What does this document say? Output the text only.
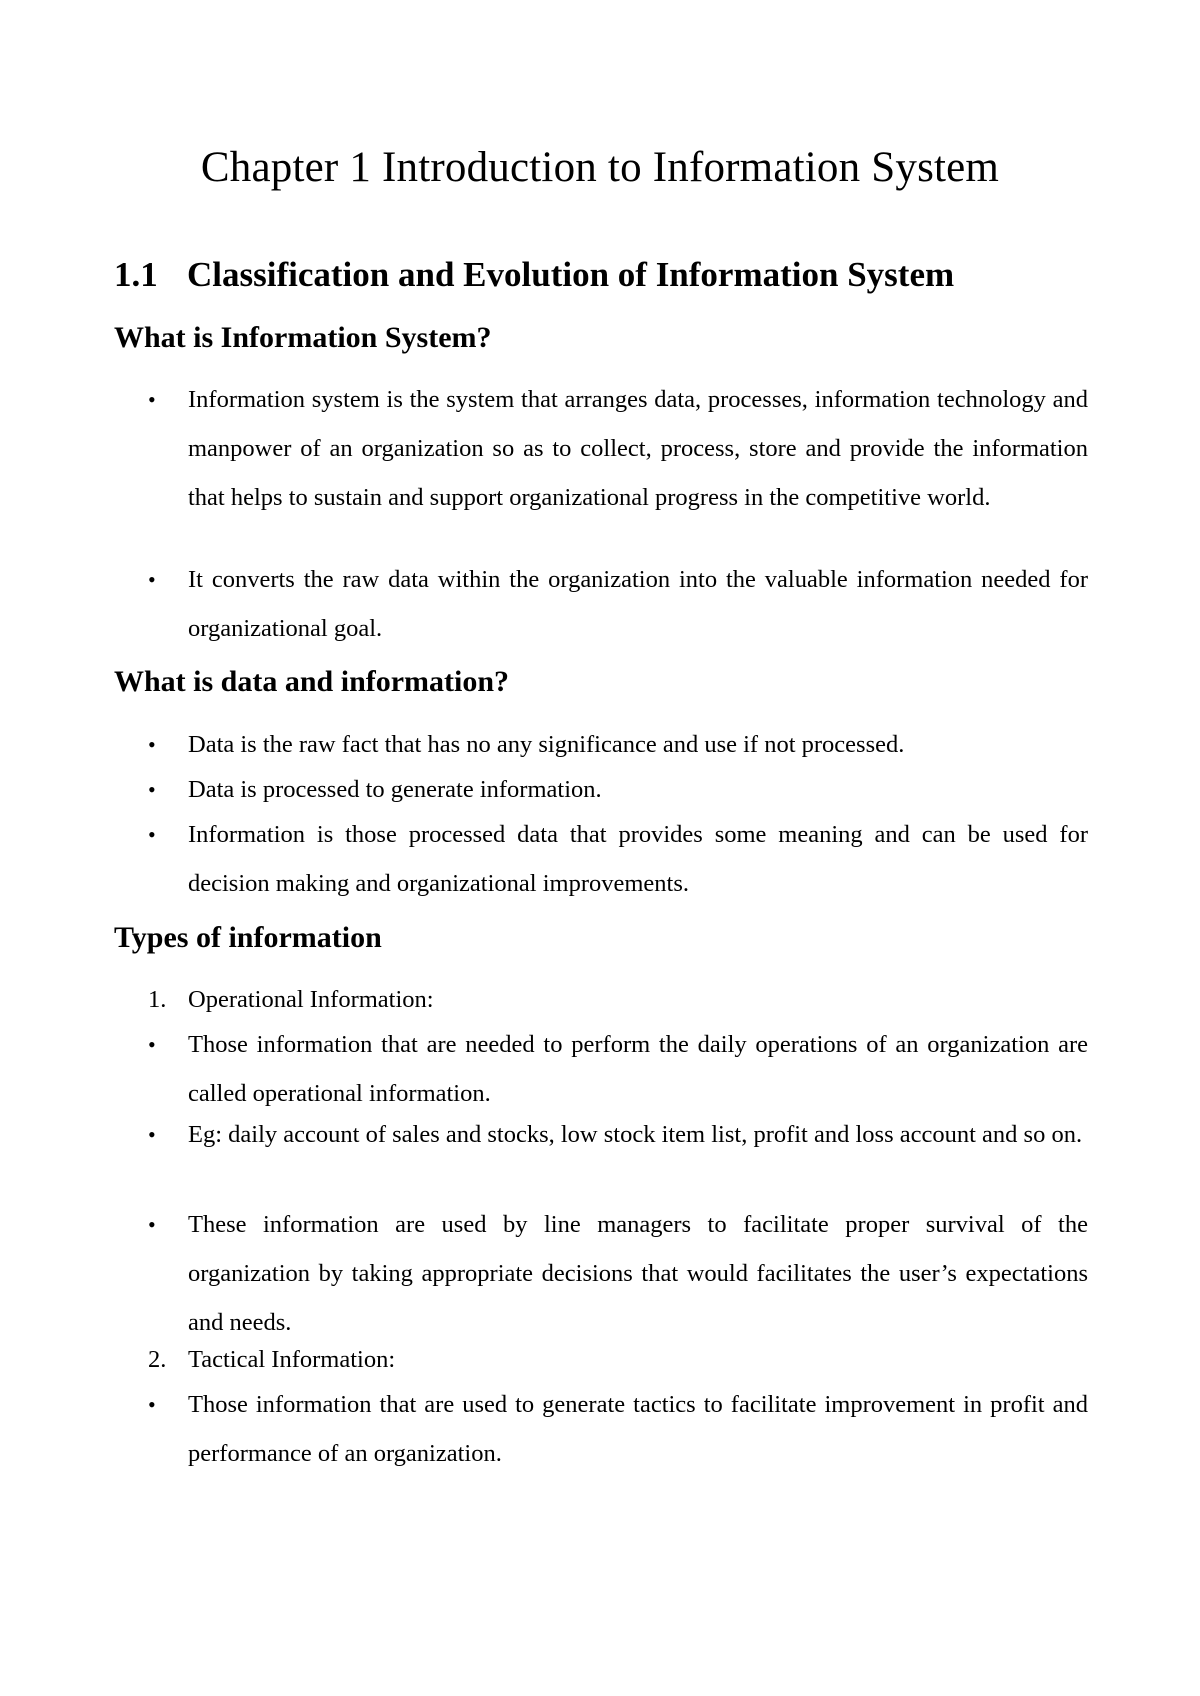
Chapter 1 Introduction to Information System
1.1 Classification and Evolution of Information System
What is Information System?
•	Information system is the system that arranges data, processes, information technology and manpower of an organization so as to collect, process, store and provide the information that helps to sustain and support organizational progress in the competitive world.

•	It converts the raw data within the organization into the valuable information needed for organizational goal.

What is data and information?
•	Data is the raw fact that has no any significance and use if not processed.

•	Data is processed to generate information.

•	Information is those processed data that provides some meaning and can be used for decision making and organizational improvements.

Types of information
1. Operational Information:

•	Those information that are needed to perform the daily operations of an organization are called operational information.

•	Eg: daily account of sales and stocks, low stock item list, profit and loss account and so on.

•	These information are used by line managers to facilitate proper survival of the organization by taking appropriate decisions that would facilitates the user’s expectations and needs.

2. Tactical Information:

•	Those information that are used to generate tactics to facilitate improvement in profit and performance of an organization.
